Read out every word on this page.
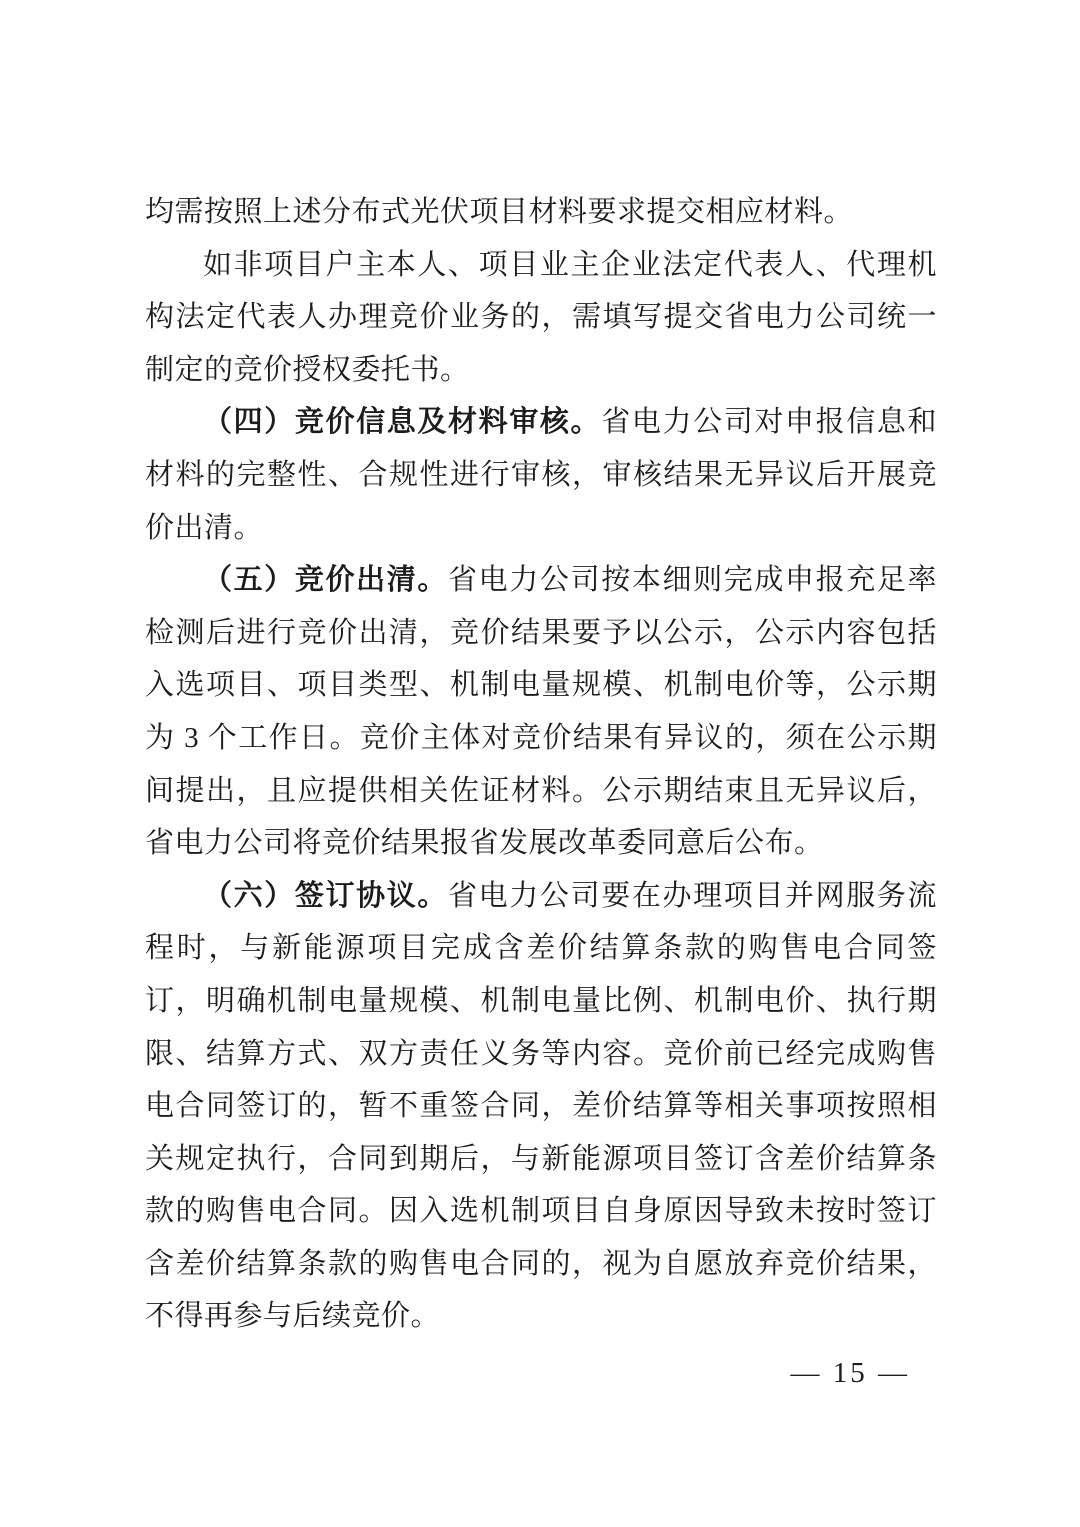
均需按照上述分布式光伏项目材料要求提交相应材料。

如非项目户主本人、项目业主企业法定代表人、代理机构法定代表人办理竞价业务的，需填写提交省电力公司统一制定的竞价授权委托书。

（四）竞价信息及材料审核。省电力公司对申报信息和材料的完整性、合规性进行审核，审核结果无异议后开展竞价出清。

（五）竞价出清。省电力公司按本细则完成申报充足率检测后进行竞价出清，竞价结果要予以公示，公示内容包括入选项目、项目类型、机制电量规模、机制电价等，公示期为 3 个工作日。竞价主体对竞价结果有异议的，须在公示期间提出，且应提供相关佐证材料。公示期结束且无异议后，省电力公司将竞价结果报省发展改革委同意后公布。

（六）签订协议。省电力公司要在办理项目并网服务流程时，与新能源项目完成含差价结算条款的购售电合同签订，明确机制电量规模、机制电量比例、机制电价、执行期限、结算方式、双方责任义务等内容。竞价前已经完成购售电合同签订的，暂不重签合同，差价结算等相关事项按照相关规定执行，合同到期后，与新能源项目签订含差价结算条款的购售电合同。因入选机制项目自身原因导致未按时签订含差价结算条款的购售电合同的，视为自愿放弃竞价结果，不得再参与后续竞价。

— 15 —
